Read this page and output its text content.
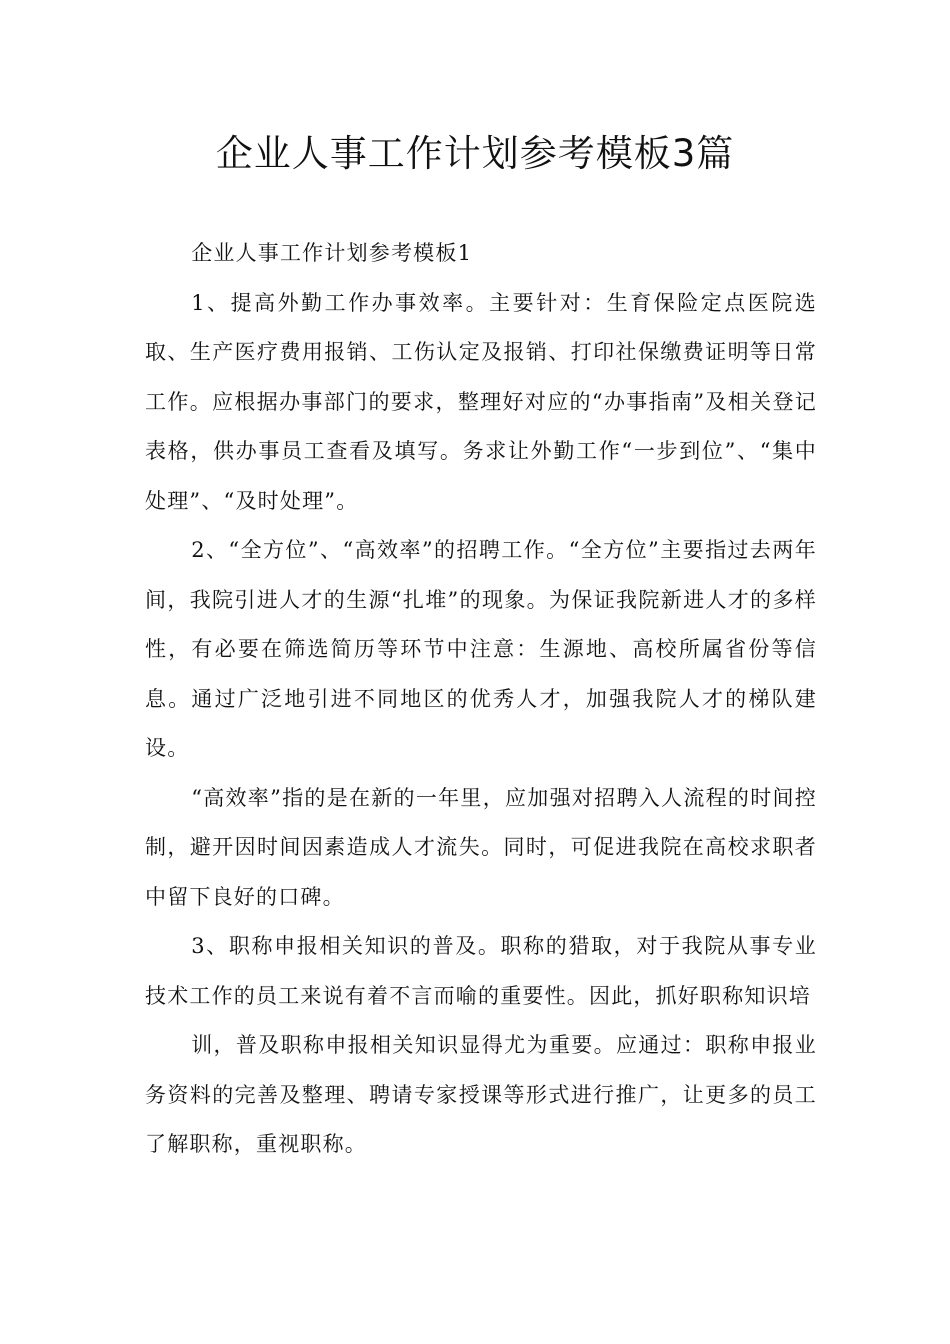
企业人事工作计划参考模板3篇

企业人事工作计划参考模板1

1、提高外勤工作办事效率。主要针对：生育保险定点医院选取、生产医疗费用报销、工伤认定及报销、打印社保缴费证明等日常工作。应根据办事部门的要求，整理好对应的“办事指南”及相关登记表格，供办事员工查看及填写。务求让外勤工作“一步到位”、“集中处理”、“及时处理”。

2、“全方位”、“高效率”的招聘工作。“全方位”主要指过去两年间，我院引进人才的生源“扎堆”的现象。为保证我院新进人才的多样性，有必要在筛选简历等环节中注意：生源地、高校所属省份等信息。通过广泛地引进不同地区的优秀人才，加强我院人才的梯队建设。

“高效率”指的是在新的一年里，应加强对招聘入人流程的时间控制，避开因时间因素造成人才流失。同时，可促进我院在高校求职者中留下良好的口碑。

3、职称申报相关知识的普及。职称的猎取，对于我院从事专业技术工作的员工来说有着不言而喻的重要性。因此，抓好职称知识培

训，普及职称申报相关知识显得尤为重要。应通过：职称申报业务资料的完善及整理、聘请专家授课等形式进行推广，让更多的员工了解职称，重视职称。
